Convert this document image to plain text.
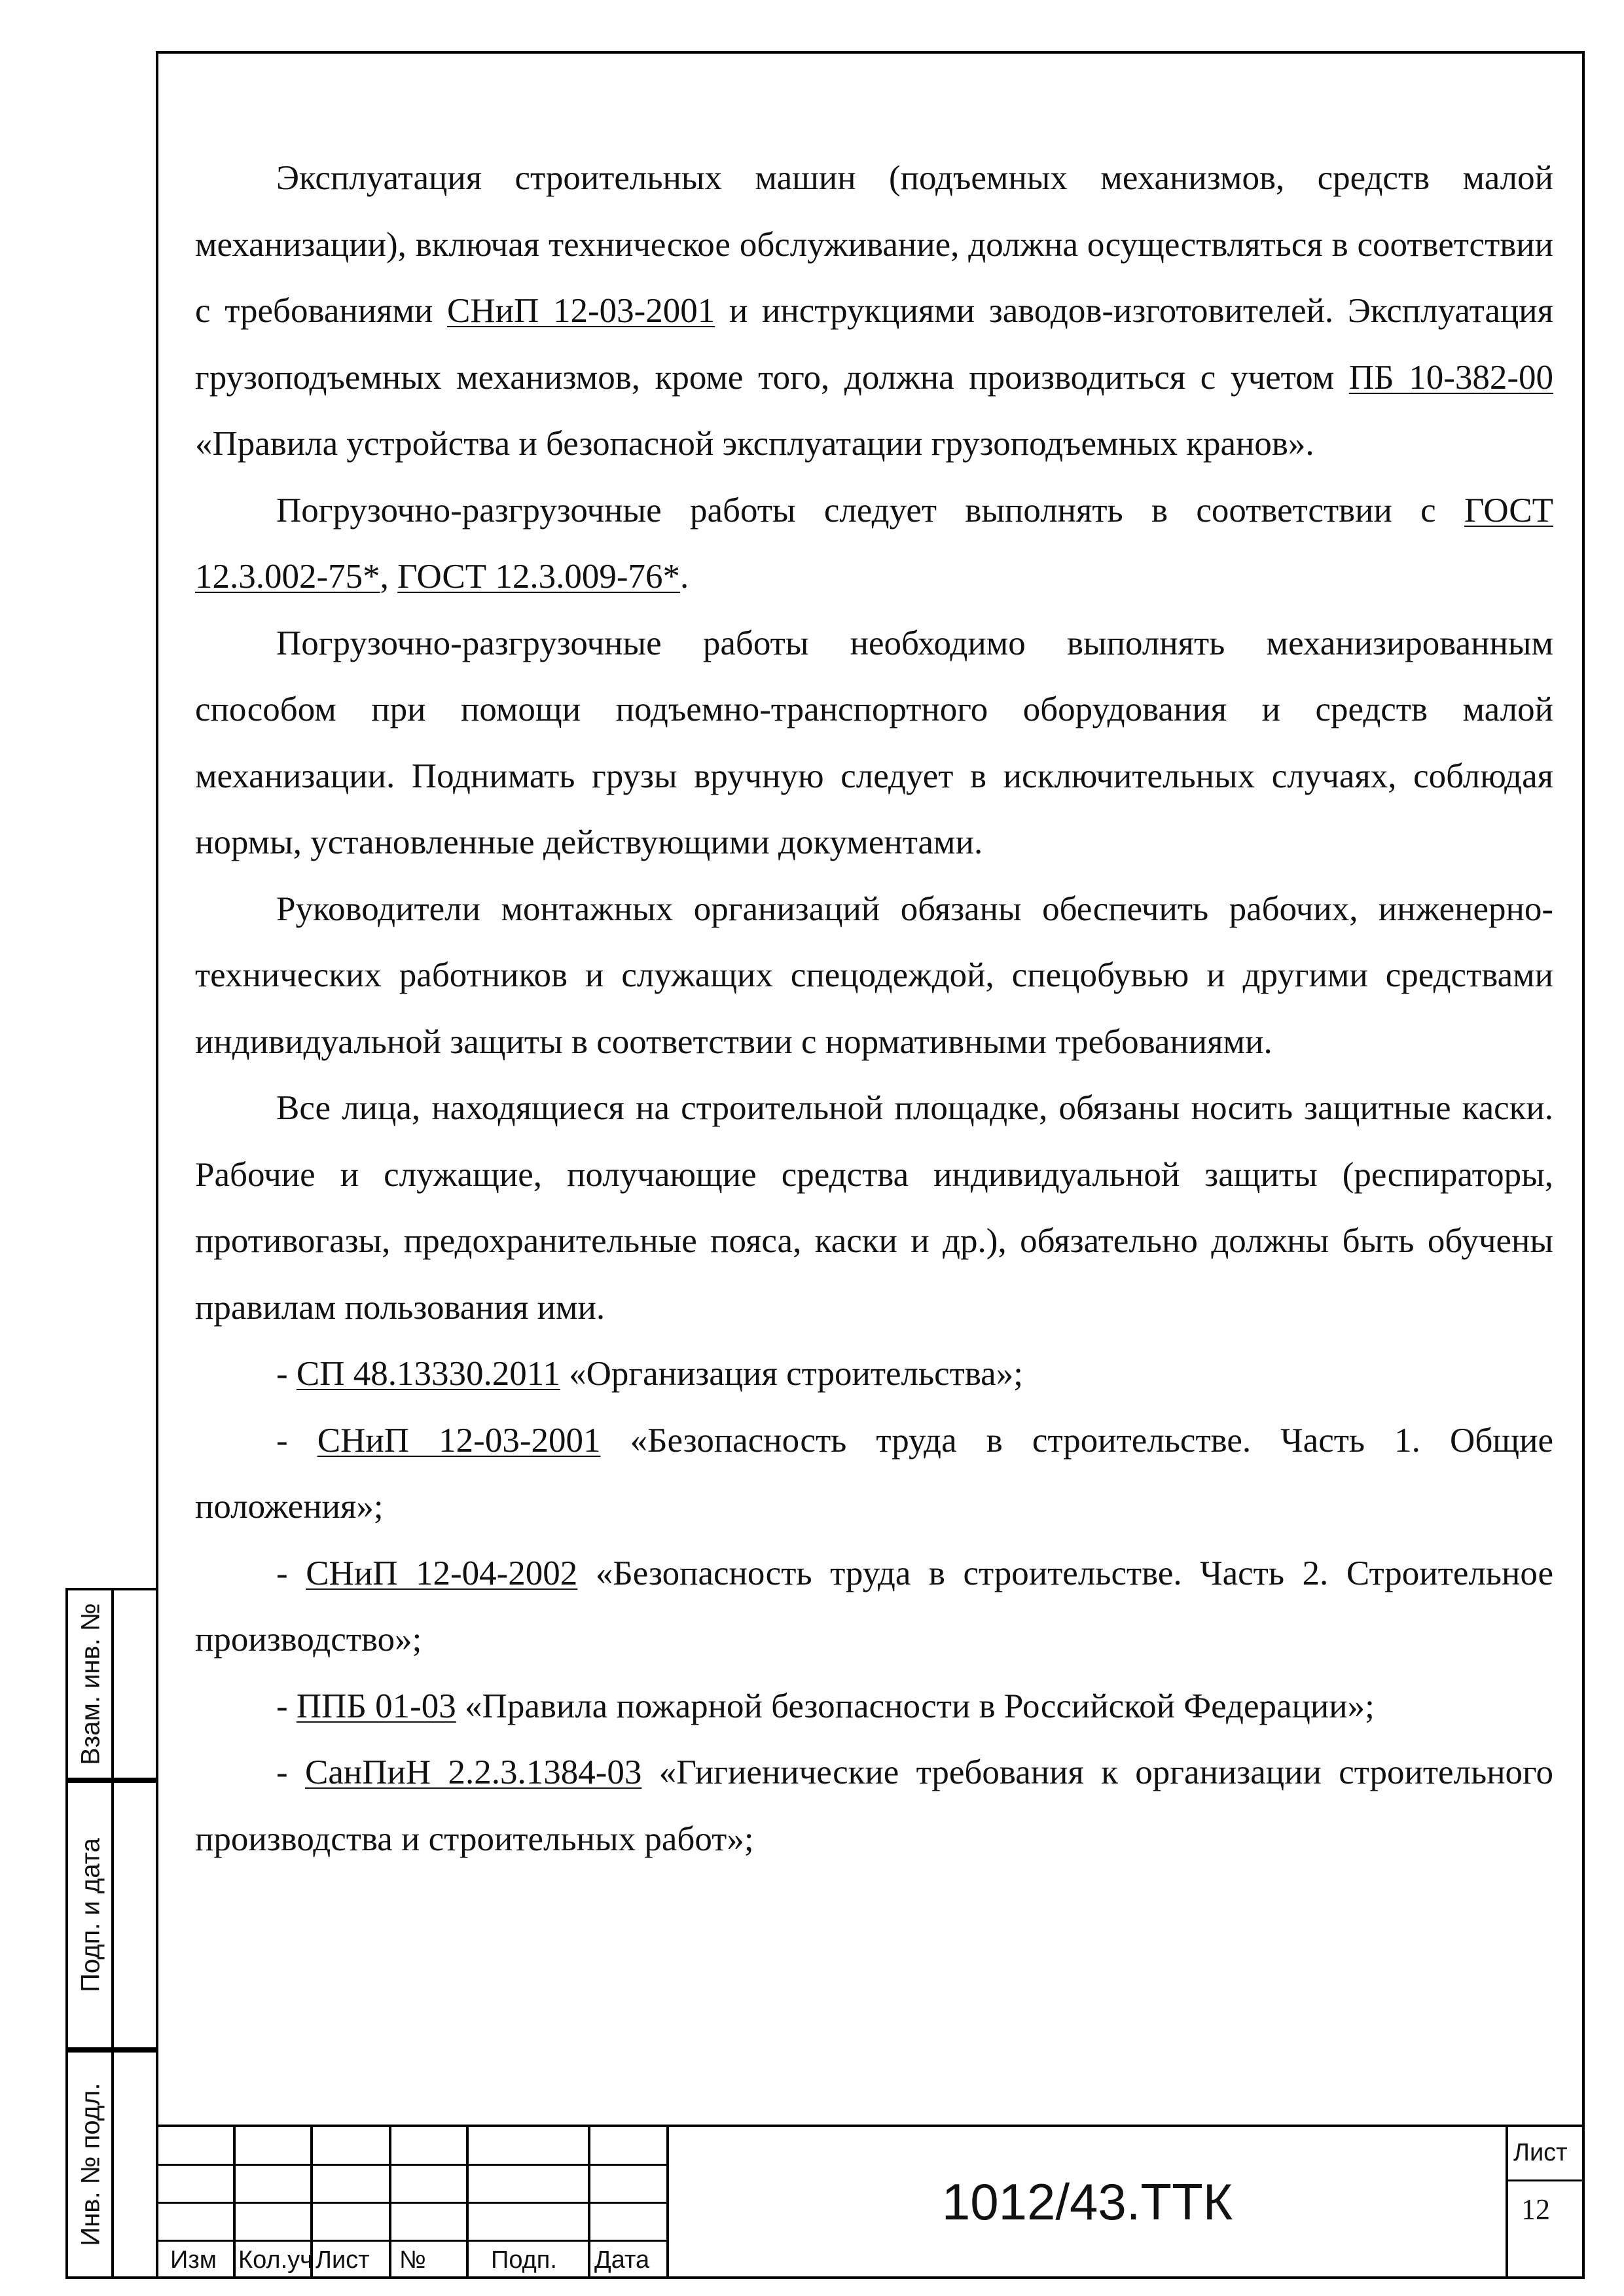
Эксплуатация строительных машин (подъемных механизмов, средств малой механизации), включая техническое обслуживание, должна осуществляться в соответствии с требованиями СНиП 12-03-2001 и инструкциями заводов-изготовителей. Эксплуатация грузоподъемных механизмов, кроме того, должна производиться с учетом ПБ 10-382-00 «Правила устройства и безопасной эксплуатации грузоподъемных кранов».

Погрузочно-разгрузочные работы следует выполнять в соответствии с ГОСТ 12.3.002-75*, ГОСТ 12.3.009-76*.

Погрузочно-разгрузочные работы необходимо выполнять механизированным способом при помощи подъемно-транспортного оборудования и средств малой механизации. Поднимать грузы вручную следует в исключительных случаях, соблюдая нормы, установленные действующими документами.

Руководители монтажных организаций обязаны обеспечить рабочих, инженерно-технических работников и служащих спецодеждой, спецобувью и другими средствами индивидуальной защиты в соответствии с нормативными требованиями.

Все лица, находящиеся на строительной площадке, обязаны носить защитные каски. Рабочие и служащие, получающие средства индивидуальной защиты (респираторы, противогазы, предохранительные пояса, каски и др.), обязательно должны быть обучены правилам пользования ими.

- СП 48.13330.2011 «Организация строительства»;

- СНиП 12-03-2001 «Безопасность труда в строительстве. Часть 1. Общие положения»;

- СНиП 12-04-2002 «Безопасность труда в строительстве. Часть 2. Строительное производство»;

- ППБ 01-03 «Правила пожарной безопасности в Российской Федерации»;

- СанПиН 2.2.3.1384-03 «Гигиенические требования к организации строительного производства и строительных работ»;

Взам. инв. №
Подп. и дата
Инв. № подл.
Изм Кол.уч Лист №	Подп. Дата
1012/43.ТТК
Лист
12
